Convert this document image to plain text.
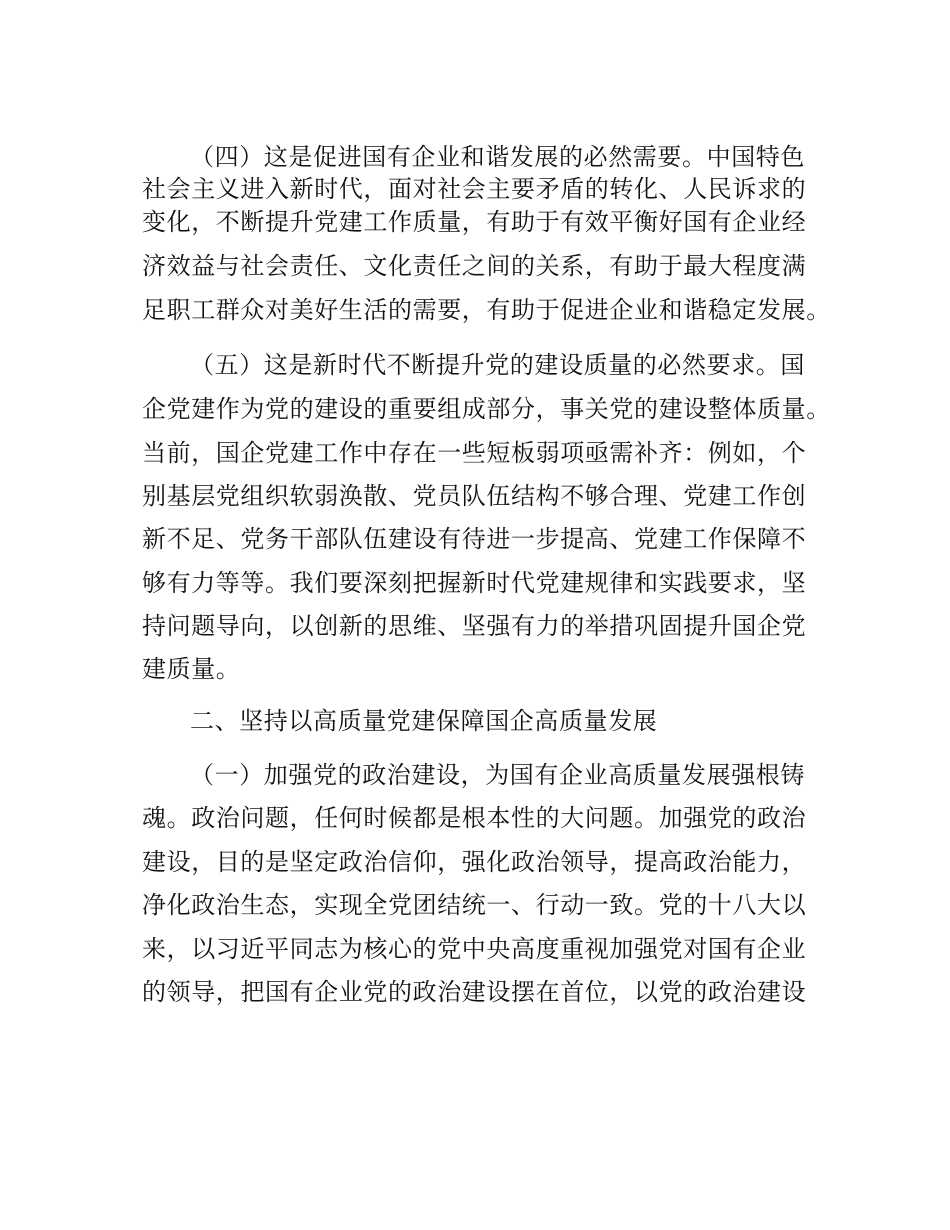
（四）这是促进国有企业和谐发展的必然需要。中国特色
社会主义进入新时代，面对社会主要矛盾的转化、人民诉求的
变化，不断提升党建工作质量，有助于有效平衡好国有企业经
济效益与社会责任、文化责任之间的关系，有助于最大程度满
足职工群众对美好生活的需要，有助于促进企业和谐稳定发展。
（五）这是新时代不断提升党的建设质量的必然要求。国
企党建作为党的建设的重要组成部分，事关党的建设整体质量。
当前，国企党建工作中存在一些短板弱项亟需补齐：例如，个
别基层党组织软弱涣散、党员队伍结构不够合理、党建工作创
新不足、党务干部队伍建设有待进一步提高、党建工作保障不
够有力等等。我们要深刻把握新时代党建规律和实践要求，坚
持问题导向，以创新的思维、坚强有力的举措巩固提升国企党
建质量。
二、坚持以高质量党建保障国企高质量发展
（一）加强党的政治建设，为国有企业高质量发展强根铸
魂。政治问题，任何时候都是根本性的大问题。加强党的政治
建设，目的是坚定政治信仰，强化政治领导，提高政治能力，
净化政治生态，实现全党团结统一、行动一致。党的十八大以
来，以习近平同志为核心的党中央高度重视加强党对国有企业
的领导，把国有企业党的政治建设摆在首位，以党的政治建设
